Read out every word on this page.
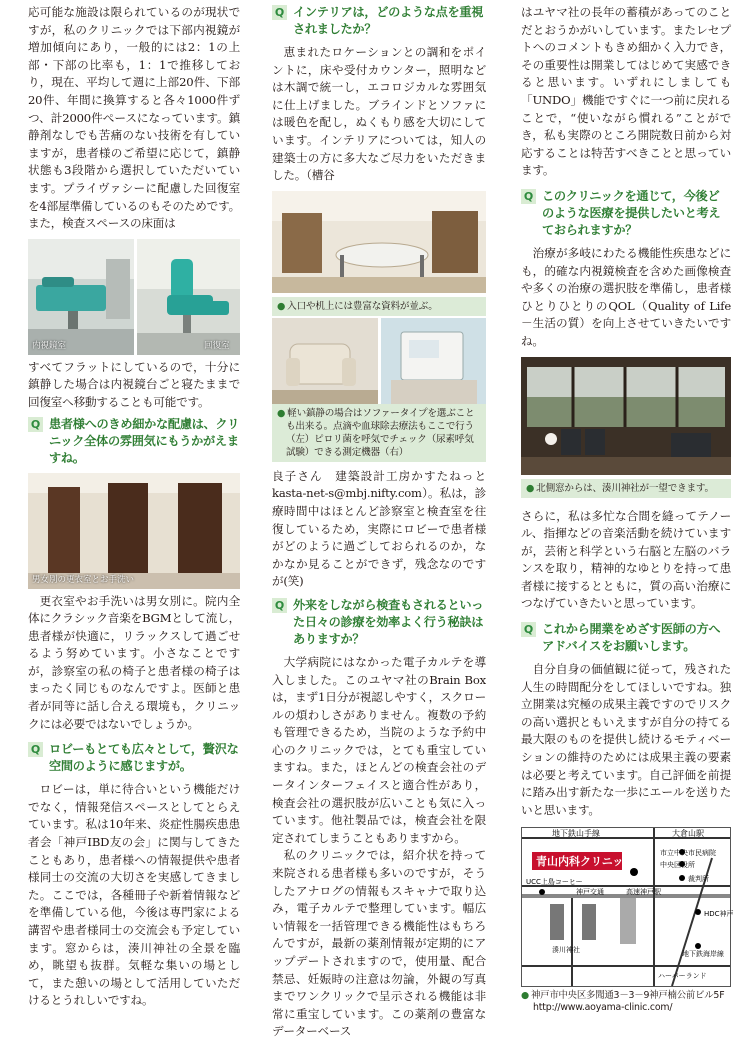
応可能な施設は限られているのが現状ですが，私のクリニックでは下部内視鏡が増加傾向にあり，一般的には2：1の上部・下部の比率も，1：1で推移しており，現在、平均して週に上部20件、下部20件、年間に換算すると各々1000件ずつ、計2000件ぺースになっています。鎮静剤なしでも苦痛のない技術を有していますが，患者様のご希望に応じて，鎮静状態も3段階から選択していただいています。プライヴァシーに配慮した回復室を4部屋準備しているのもそのためです。また，検査スペースの床面は

内視鏡室	回復室

すべてフラットにしているので，十分に鎮静した場合は内視鏡台ごと寝たままで回復室へ移動することも可能です。

Q 患者様へのきめ細かな配慮は、クリニック全体の雰囲気にもうかがえますね。
男女別の更衣室とお手洗い

更衣室やお手洗いは男女別に。院内全体にクラシック音楽をBGMとして流し，患者様が快適に，リラックスして過ごせるよう努めています。小さなことですが，診察室の私の椅子と患者様の椅子はまったく同じものなんですよ。医師と患者が同等に話し合える環境も，クリニックには必要ではないでしょうか。

Q ロビーもとても広々として，贅沢な空間のように感じますが。

ロビーは，単に待合いという機能だけでなく，情報発信スペースとしてとらえています。私は10年来、炎症性腸疾患患者会「神戸IBD友の会」に関与してきたこともあり，患者様への情報提供や患者様同士の交流の大切さを実感してきました。ここでは，各種冊子や新着情報などを準備している他，今後は専門家による講習や患者様同士の交流会も予定しています。窓からは，湊川神社の全景を臨め，眺望も抜群。気軽な集いの場として，また憩いの場として活用していただけるとうれしいですね。

Q インテリアは，どのような点を重視されましたか？

恵まれたロケーションとの調和をポイントに，床や受付カウンター，照明などは木調で統一し，エコロジカルな雰囲気に仕上げました。ブラインドとソファには暖色を配し，ぬくもり感を大切にしています。インテリアについては，知人の建築士の方に多大なご尽力をいただきました。（槽谷

● 入口や机上には豊富な資料が並ぶ。
● 軽い鎮静の場合はソファータイプを選ぶことも出来る。点滴や血球除去療法もここで行う（左）ピロリ菌を呼気でチェック（尿素呼気試験）できる測定機器（右）

良子さん　建築設計工房かすたねっと kasta-net-s@mbj.nifty.com）。私は，診療時間中はほとんど診察室と検査室を往復しているため，実際にロビーで患者様がどのように過ごしておられるのか，なかなか見ることができず，残念なのですが(笑)

Q 外来をしながら検査もされるといった日々の診療を効率よく行う秘訣はありますか？

大学病院にはなかった電子カルテを導入しました。このユヤマ社のBrain Boxは，まず1日分が視認しやすく，スクロールの煩わしさがありません。複数の予約も管理できるため，当院のような予約中心のクリニックでは，とても重宝していますね。また，ほとんどの検査会社のデータインターフェイスと適合性があり，検査会社の選択肢が広いことも気に入っています。他社製品では，検査会社を限定されてしまうこともありますから。

私のクリニックでは，紹介状を持って来院される患者様も多いのですが，そうしたアナログの情報もスキャナで取り込み，電子カルテで整理しています。幅広い情報を一括管理できる機能性はもちろんですが，最新の薬剤情報が定期的にアップデートされますので，使用量、配合禁忌、妊娠時の注意は勿論，外観の写真までワンクリックで呈示される機能は非常に重宝しています。この薬剤の豊富なデーターベース

はユヤマ社の長年の蓄積があってのことだとおうかがいしています。またレセプトへのコメントもきめ細かく入力でき，その重要性は開業してはじめて実感できると思います。いずれにしましても「UNDO」機能ですぐに一つ前に戻れることで，“使いながら慣れる”ことができ，私も実際のところ開院数日前から対応することは特苦すべきことと思っています。

Q このクリニックを通じて，今後どのような医療を提供したいと考えておられますか？

治療が多岐にわたる機能性疾患などにも，的確な内視鏡検査を含めた画像検査や多くの治療の選択肢を準備し，患者様ひとりひとりのQOL（Quality of Life －生活の質）を向上させていきたいですね。

● 北側窓からは、湊川神社が一望できます。

さらに，私は多忙な合間を縫ってテノール、指揮などの音楽活動を続けていますが，芸術と科学という右脳と左脳のバランスを取り，精神的なゆとりを持って患者様に接するとともに，質の高い治療につなげていきたいと思っています。

Q これから開業をめざす医師の方へアドバイスをお願いします。

自分自身の価値観に従って，残された人生の時間配分をしてほしいですね。独立開業は究極の成果主義ですのでリスクの高い選択ともいえますが自分の持てる最大限のものを提供し続けるモティベーションの維持のためには成果主義の要素は必要と考えています。自己評価を前提に踏み出す新たな一歩にエールを送りたいと思います。

地下鉄山手線	大倉山駅
青山内科クリニック
市立中央市民病院
中央区役所
裁判所
UCC上島コーヒー
神戸交通	高速神戸駅
湊川神社
HDC神戸
地下鉄海岸線
ハーバーランド
● 神戸市中央区多聞通3－3－9神戸楠公前ビル5F
http://www.aoyama-clinic.com/
